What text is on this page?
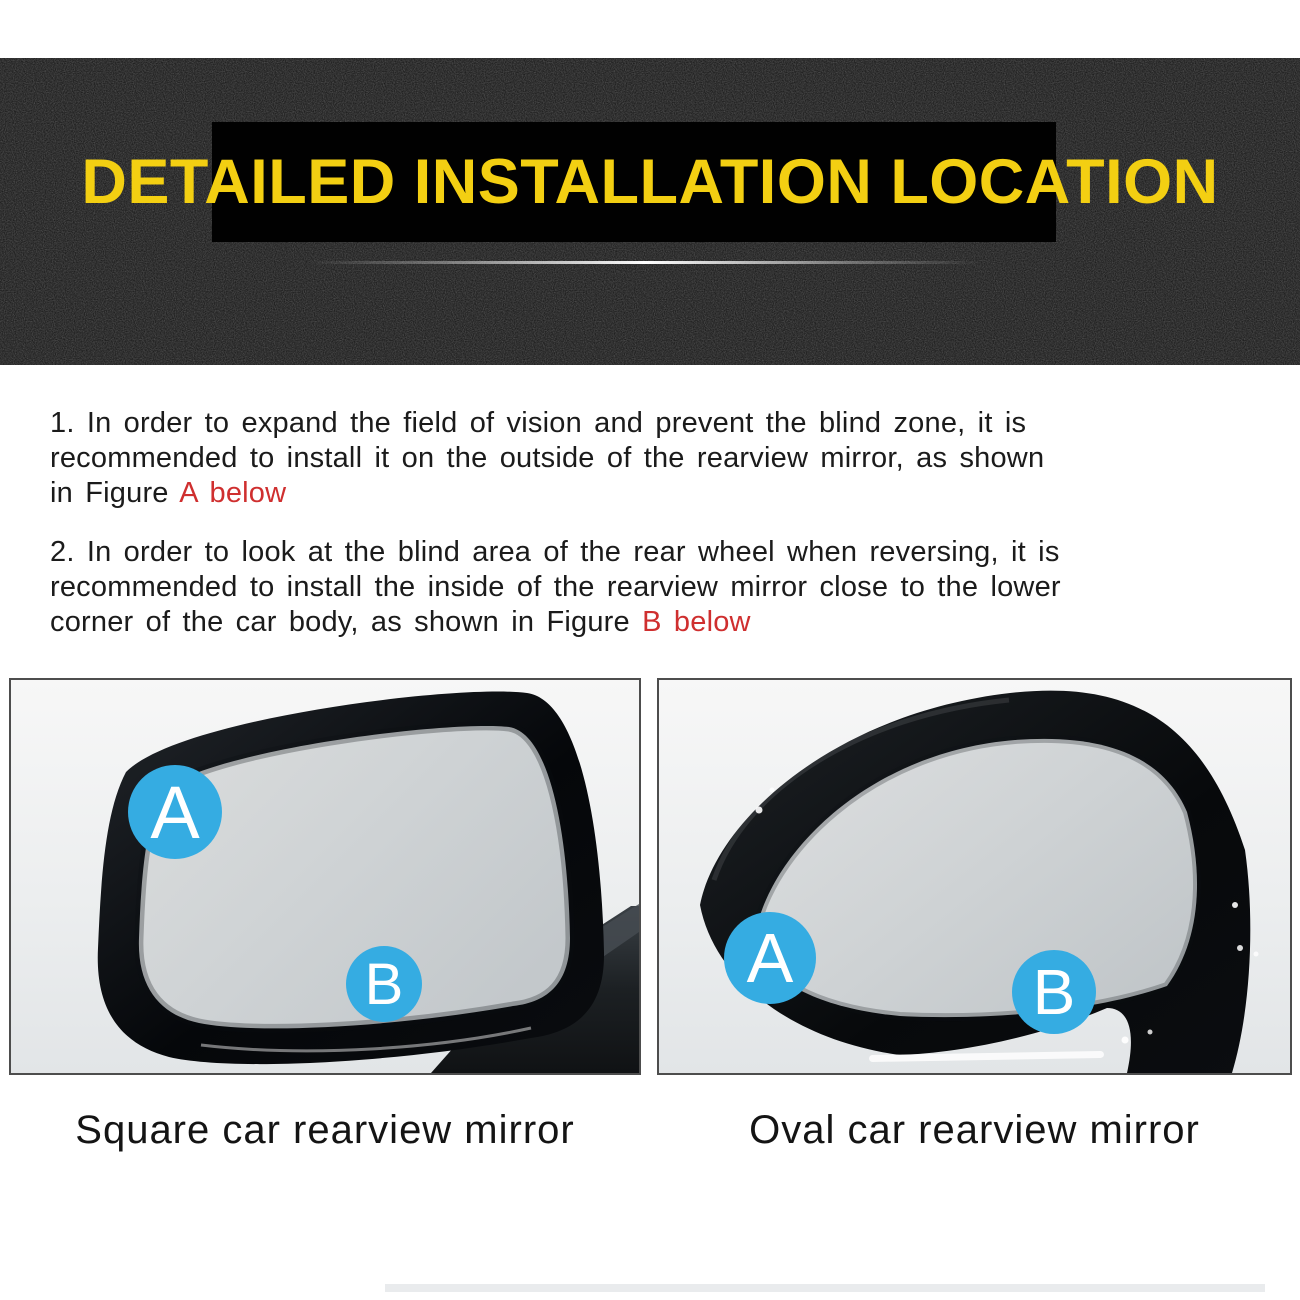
DETAILED INSTALLATION LOCATION
1. In order to expand the field of vision and prevent the blind zone, it is
recommended to install it on the outside of the rearview mirror, as shown
in Figure A below
2. In order to look at the blind area of the rear wheel when reversing, it is
recommended to install the inside of the rearview mirror close to the lower
corner of the car body, as shown in Figure B below
A
B	A	B
Square car rearview mirror	Oval car rearview mirror
